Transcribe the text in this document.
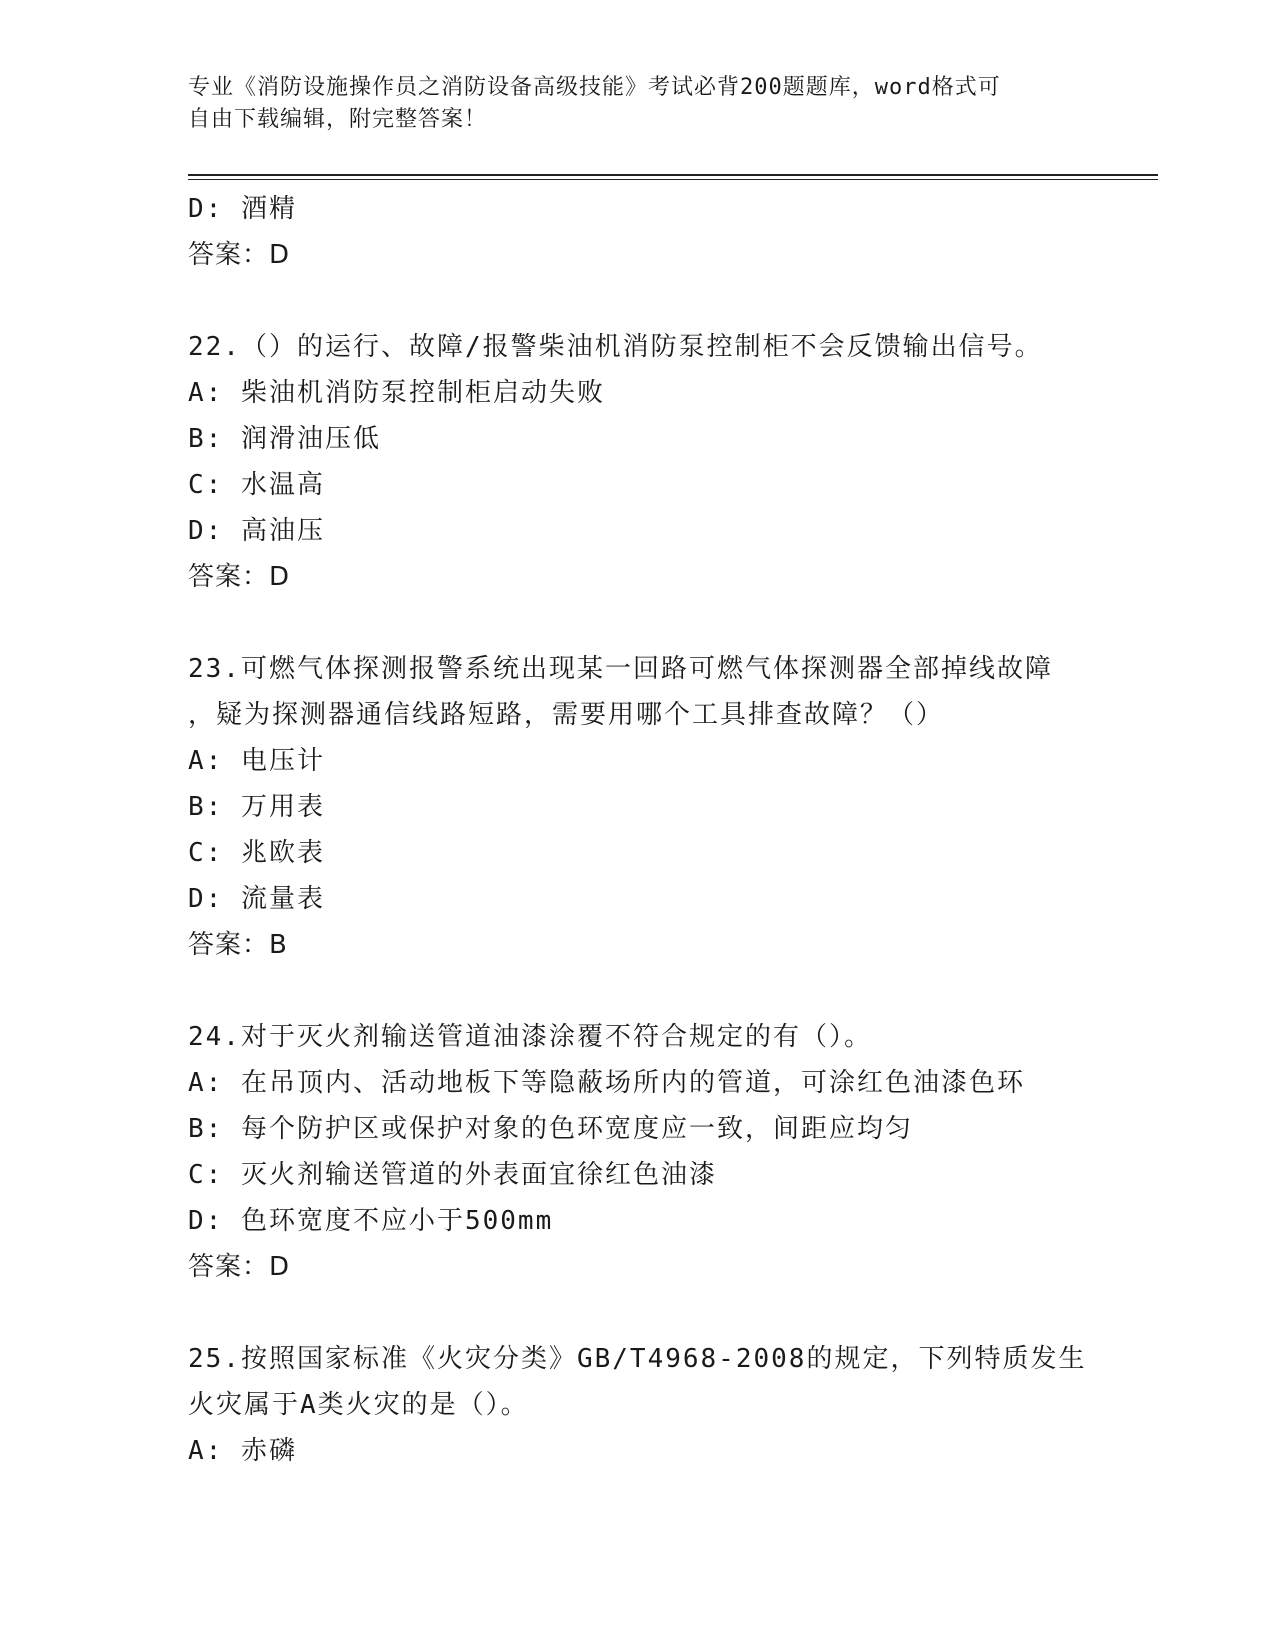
专业《消防设施操作员之消防设备高级技能》考试必背200题题库，word格式可

自由下载编辑，附完整答案！

D: 酒精

答案：D

22.（）的运行、故障/报警柴油机消防泵控制柜不会反馈输出信号。

A: 柴油机消防泵控制柜启动失败

B: 润滑油压低

C: 水温高

D: 高油压

答案：D

23.可燃气体探测报警系统出现某一回路可燃气体探测器全部掉线故障

，疑为探测器通信线路短路，需要用哪个工具排查故障？（）

A: 电压计

B: 万用表

C: 兆欧表

D: 流量表

答案：B

24.对于灭火剂输送管道油漆涂覆不符合规定的有（）。

A: 在吊顶内、活动地板下等隐蔽场所内的管道，可涂红色油漆色环

B: 每个防护区或保护对象的色环宽度应一致，间距应均匀

C: 灭火剂输送管道的外表面宜徐红色油漆

D: 色环宽度不应小于500mm

答案：D

25.按照国家标准《火灾分类》GB/T4968-2008的规定，下列特质发生

火灾属于A类火灾的是（）。

A: 赤磷
